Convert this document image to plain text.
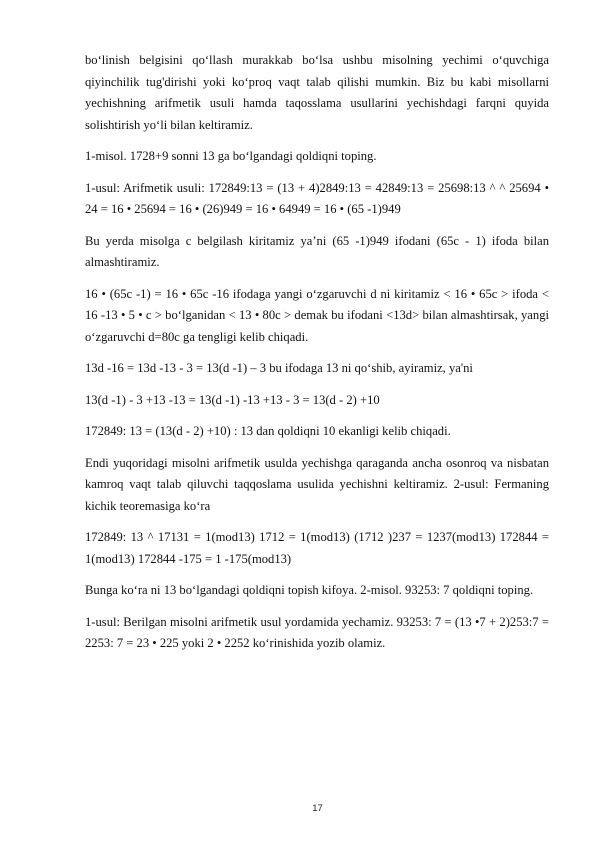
bo‘linish belgisini qo‘llash murakkab bo‘lsa ushbu misolning yechimi o‘quvchiga qiyinchilik tug'dirishi yoki ko‘proq vaqt talab qilishi mumkin. Biz bu kabi misollarni yechishning arifmetik usuli hamda taqosslama usullarini yechishdagi farqni quyida solishtirish yo‘li bilan keltiramiz.

1-misol. 1728+9 sonni 13 ga bo‘lgandagi qoldiqni toping.

1-usul: Arifmetik usuli: 172849:13 = (13 + 4)2849:13 = 42849:13 = 25698:13 ^ ^ 25694 • 24 = 16 • 25694 = 16 • (26)949 = 16 • 64949 = 16 • (65 -1)949

Bu yerda misolga c belgilash kiritamiz ya’ni (65 -1)949 ifodani (65c - 1) ifoda bilan almashtiramiz.

16 • (65c -1) = 16 • 65c -16 ifodaga yangi o‘zgaruvchi d ni kiritamiz < 16 • 65c > ifoda < 16 -13 • 5 • c > bo‘lganidan < 13 • 80c > demak bu ifodani <13d> bilan almashtirsak, yangi o‘zgaruvchi d=80c ga tengligi kelib chiqadi.

13d -16 = 13d -13 - 3 = 13(d -1) – 3 bu ifodaga 13 ni qo‘shib, ayiramiz, ya'ni

13(d -1) - 3 +13 -13 = 13(d -1) -13 +13 - 3 = 13(d - 2) +10

172849: 13 = (13(d - 2) +10) : 13 dan qoldiqni 10 ekanligi kelib chiqadi.

Endi yuqoridagi misolni arifmetik usulda yechishga qaraganda ancha osonroq va nisbatan kamroq vaqt talab qiluvchi taqqoslama usulida yechishni keltiramiz. 2-usul: Fermaning kichik teoremasiga ko‘ra

172849: 13 ^ 17131 = 1(mod13) 1712 = 1(mod13) (1712 )237 = 1237(mod13) 172844 = 1(mod13) 172844 -175 = 1 -175(mod13)

Bunga ko‘ra ni 13 bo‘lgandagi qoldiqni topish kifoya. 2-misol. 93253: 7 qoldiqni toping.

1-usul: Berilgan misolni arifmetik usul yordamida yechamiz. 93253: 7 = (13 •7 + 2)253:7 = 2253: 7 = 23 • 225 yoki 2 • 2252 ko‘rinishida yozib olamiz.

17
